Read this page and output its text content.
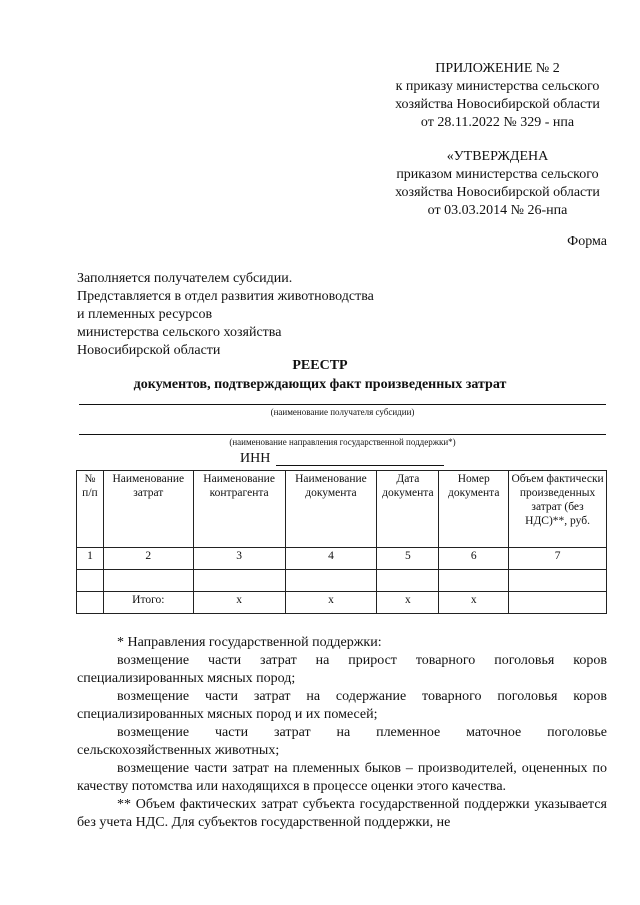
ПРИЛОЖЕНИЕ № 2
к приказу министерства сельского
хозяйства Новосибирской области
от 28.11.2022 № 329 - нпа
«УТВЕРЖДЕНА
приказом министерства сельского
хозяйства Новосибирской области
от 03.03.2014 № 26-нпа
Форма
Заполняется получателем субсидии.
Представляется в отдел развития животноводства
и племенных ресурсов
министерства сельского хозяйства
Новосибирской области
РЕЕСТР
документов, подтверждающих факт произведенных затрат
(наименование получателя субсидии)
(наименование направления государственной поддержки*)
ИНН
№ п/п	Наименование затрат	Наименование контрагента	Наименование документа	Дата документа	Номер документа	Объем фактически произведенных затрат (без НДС)**, руб.
1	2	3	4	5	6	7

	Итого:	х	х	х	х	

* Направления государственной поддержки:

возмещение части затрат на прирост товарного поголовья коров специализированных мясных пород;

возмещение части затрат на содержание товарного поголовья коров специализированных мясных пород и их помесей;

возмещение части затрат на племенное маточное поголовье сельскохозяйственных животных;

возмещение части затрат на племенных быков – производителей, оцененных по качеству потомства или находящихся в процессе оценки этого качества.

** Объем фактических затрат субъекта государственной поддержки указывается без учета НДС. Для субъектов государственной поддержки, не
